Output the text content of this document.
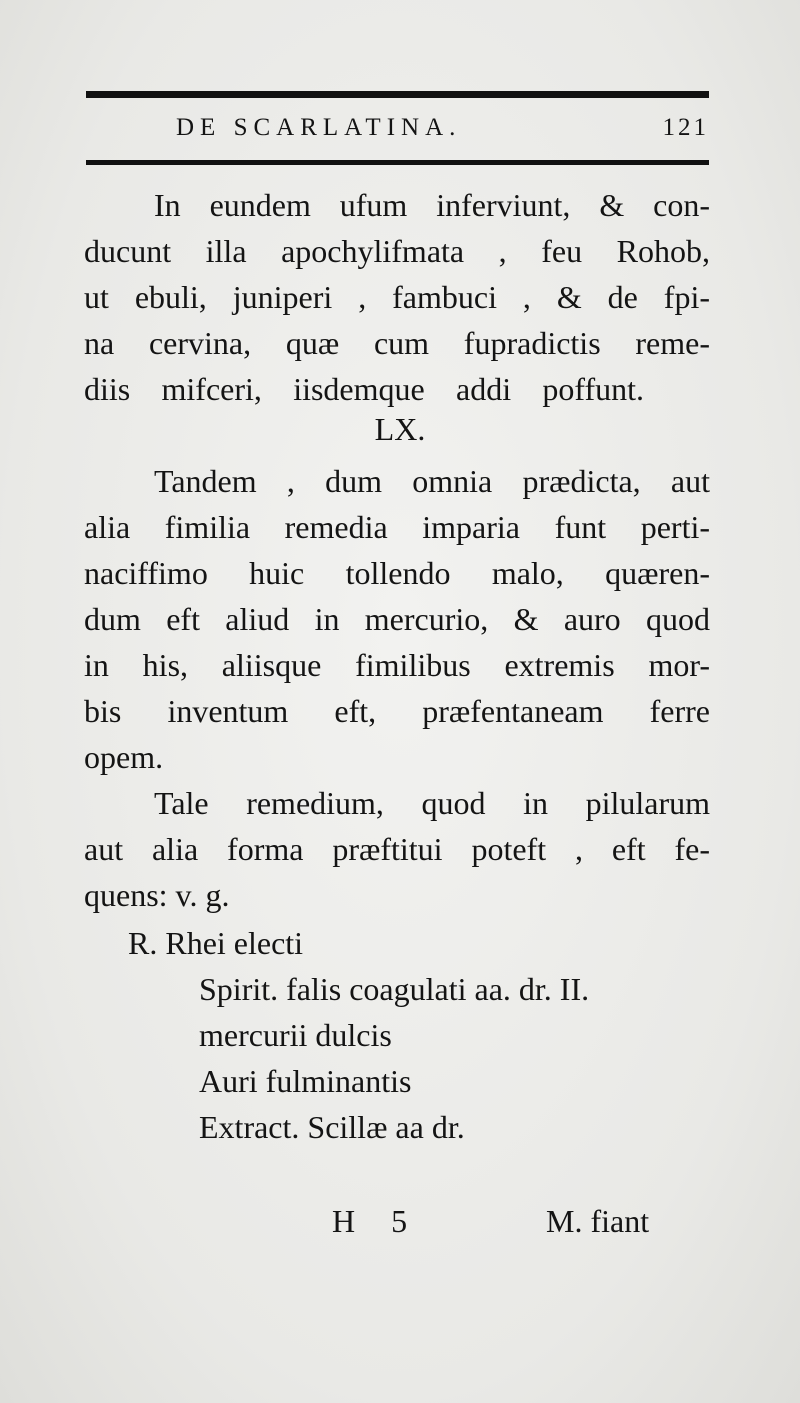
DE SCARLATINA.	121
In eundem ufum inferviunt, & con-
ducunt illa apochylifmata , feu Rohob,
ut ebuli, juniperi , fambuci , & de fpi-
na cervina, quæ cum fupradictis reme-
diis mifceri, iisdemque addi poffunt.
LX.
Tandem , dum omnia prædicta, aut
alia fimilia remedia imparia funt perti-
naciffimo huic tollendo malo, quæren-
dum eft aliud in mercurio, & auro quod
in his, aliisque fimilibus extremis mor-
bis inventum eft, præfentaneam ferre
opem.
Tale remedium, quod in pilularum
aut alia forma præftitui poteft , eft fe-
quens: v. g.
R. Rhei electi
Spirit. falis coagulati aa. dr. II.
mercurii dulcis
Auri fulminantis
Extract. Scillæ aa dr.
H 5	M. fiant
